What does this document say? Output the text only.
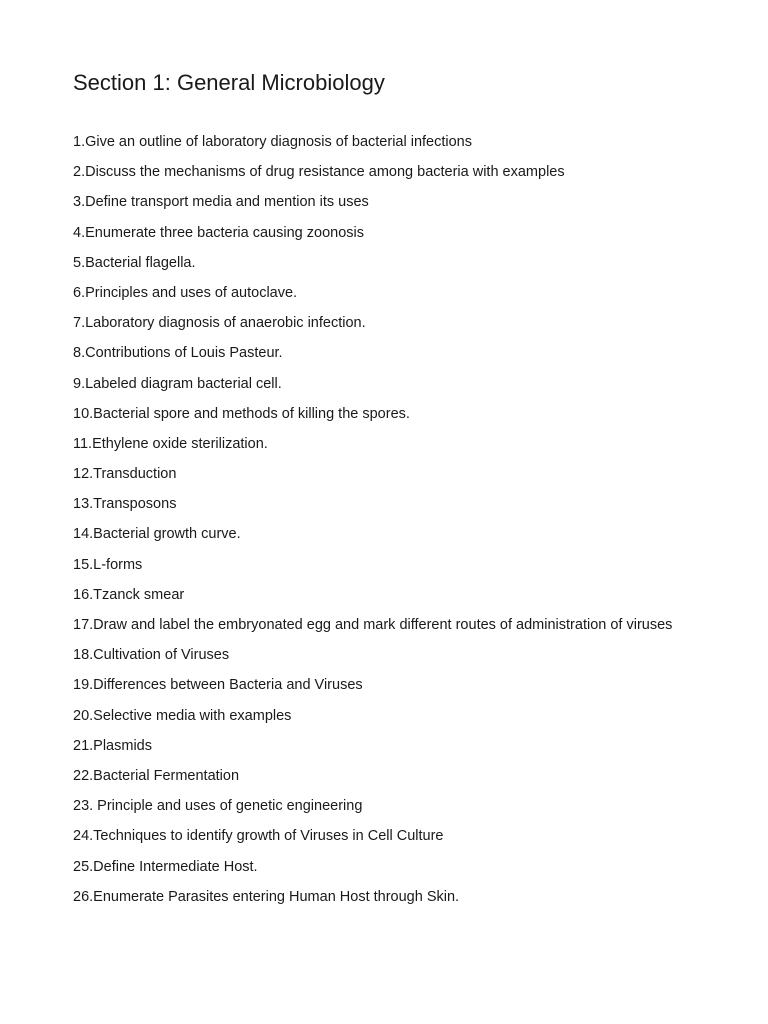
Section 1: General Microbiology
1.Give an outline of laboratory diagnosis of bacterial infections
2.Discuss the mechanisms of drug resistance among bacteria with examples
3.Define transport media and mention its uses
4.Enumerate three bacteria causing zoonosis
5.Bacterial flagella.
6.Principles and uses of autoclave.
7.Laboratory diagnosis of anaerobic infection.
8.Contributions of Louis Pasteur.
9.Labeled diagram bacterial cell.
10.Bacterial spore and methods of killing the spores.
11.Ethylene oxide sterilization.
12.Transduction
13.Transposons
14.Bacterial growth curve.
15.L-forms
16.Tzanck smear
17.Draw and label the embryonated egg and mark different routes of administration of viruses
18.Cultivation of Viruses
19.Differences between Bacteria and Viruses
20.Selective media with examples
21.Plasmids
22.Bacterial Fermentation
23. Principle and uses of genetic engineering
24.Techniques to identify growth of Viruses in Cell Culture
25.Define Intermediate Host.
26.Enumerate Parasites entering Human Host through Skin.
